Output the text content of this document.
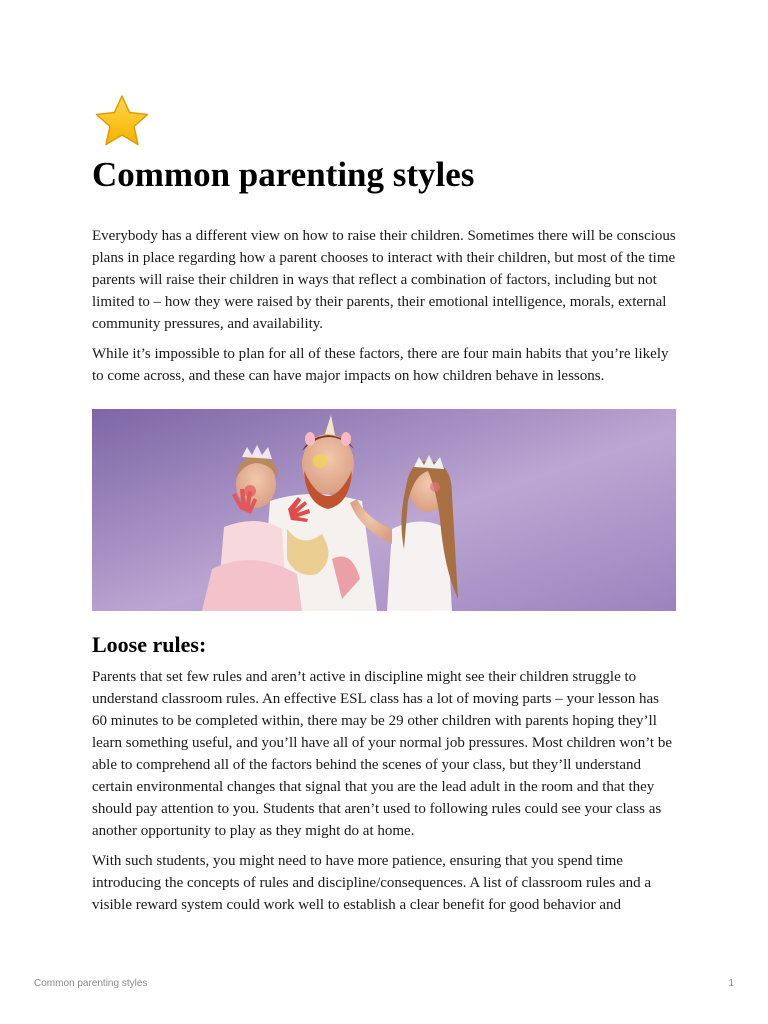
Common parenting styles

Everybody has a different view on how to raise their children. Sometimes there will be conscious plans in place regarding how a parent chooses to interact with their children, but most of the time parents will raise their children in ways that reflect a combination of factors, including but not limited to – how they were raised by their parents, their emotional intelligence, morals, external community pressures, and availability.

While it’s impossible to plan for all of these factors, there are four main habits that you’re likely to come across, and these can have major impacts on how children behave in lessons.

Loose rules:

Parents that set few rules and aren’t active in discipline might see their children struggle to understand classroom rules. An effective ESL class has a lot of moving parts – your lesson has 60 minutes to be completed within, there may be 29 other children with parents hoping they’ll learn something useful, and you’ll have all of your normal job pressures. Most children won’t be able to comprehend all of the factors behind the scenes of your class, but they’ll understand certain environmental changes that signal that you are the lead adult in the room and that they should pay attention to you. Students that aren’t used to following rules could see your class as another opportunity to play as they might do at home.

With such students, you might need to have more patience, ensuring that you spend time introducing the concepts of rules and discipline/consequences. A list of classroom rules and a visible reward system could work well to establish a clear benefit for good behavior and

Common parenting styles	1
